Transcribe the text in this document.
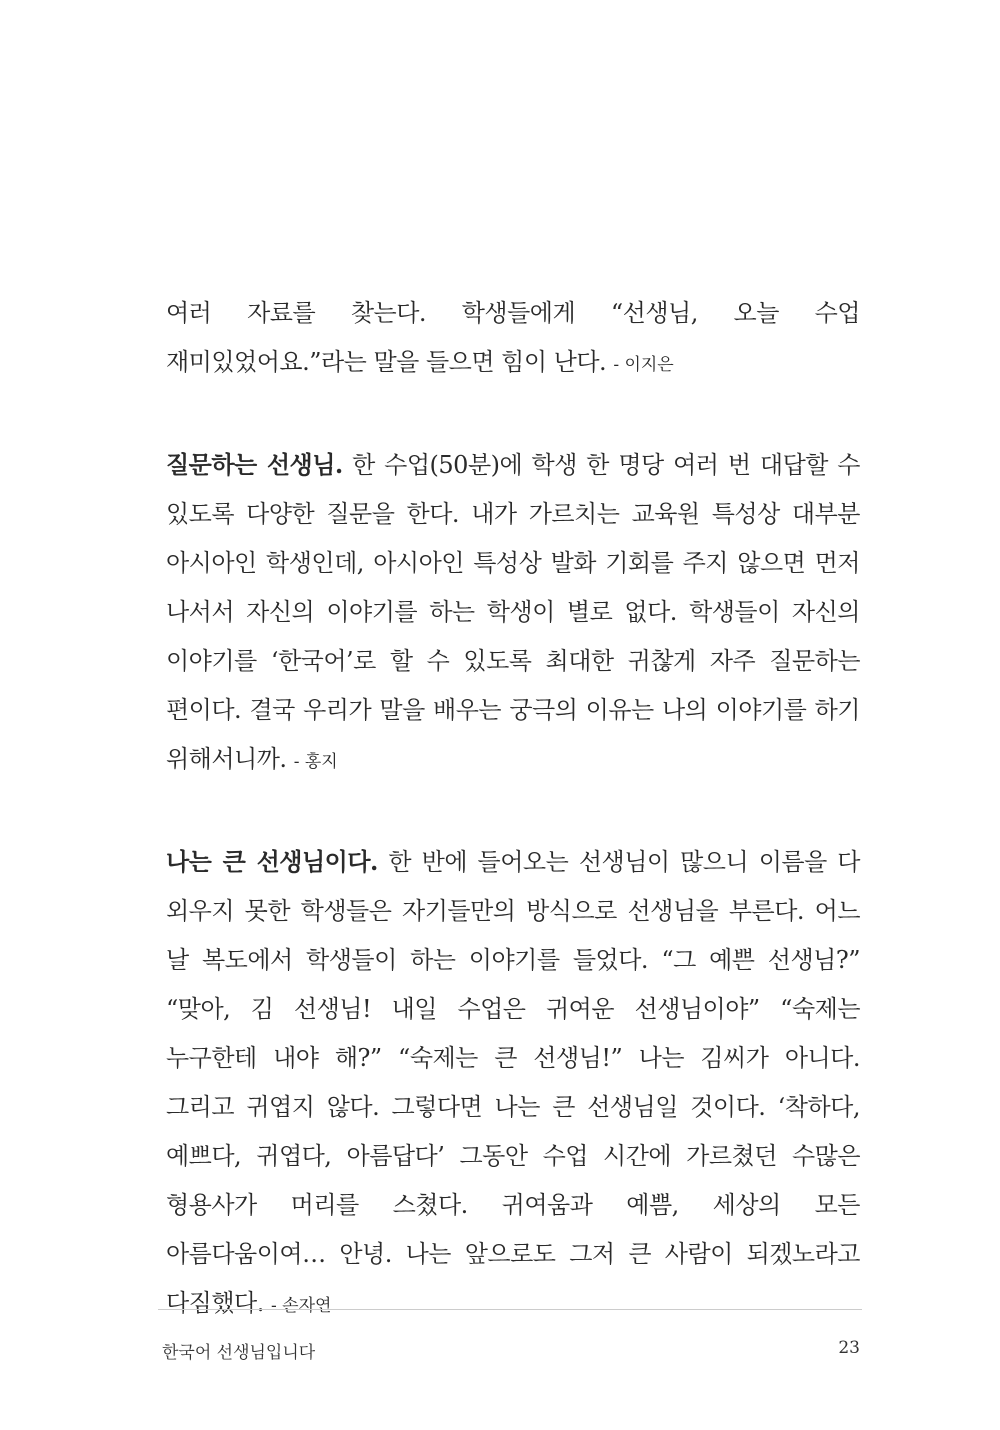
여러 자료를 찾는다. 학생들에게 “선생님, 오늘 수업 재미있었어요.”라는 말을 들으면 힘이 난다. - 이지은

질문하는 선생님. 한 수업(50분)에 학생 한 명당 여러 번 대답할 수 있도록 다양한 질문을 한다. 내가 가르치는 교육원 특성상 대부분 아시아인 학생인데, 아시아인 특성상 발화 기회를 주지 않으면 먼저 나서서 자신의 이야기를 하는 학생이 별로 없다. 학생들이 자신의 이야기를 ‘한국어’로 할 수 있도록 최대한 귀찮게 자주 질문하는 편이다. 결국 우리가 말을 배우는 궁극의 이유는 나의 이야기를 하기 위해서니까. - 홍지

나는 큰 선생님이다. 한 반에 들어오는 선생님이 많으니 이름을 다 외우지 못한 학생들은 자기들만의 방식으로 선생님을 부른다. 어느 날 복도에서 학생들이 하는 이야기를 들었다. “그 예쁜 선생님?” “맞아, 김 선생님! 내일 수업은 귀여운 선생님이야” “숙제는 누구한테 내야 해?” “숙제는 큰 선생님!” 나는 김씨가 아니다. 그리고 귀엽지 않다. 그렇다면 나는 큰 선생님일 것이다. ‘착하다, 예쁘다, 귀엽다, 아름답다’ 그동안 수업 시간에 가르쳤던 수많은 형용사가 머리를 스쳤다. 귀여움과 예쁨, 세상의 모든 아름다움이여… 안녕. 나는 앞으로도 그저 큰 사람이 되겠노라고 다짐했다. - 손자연

한국어 선생님입니다	23
